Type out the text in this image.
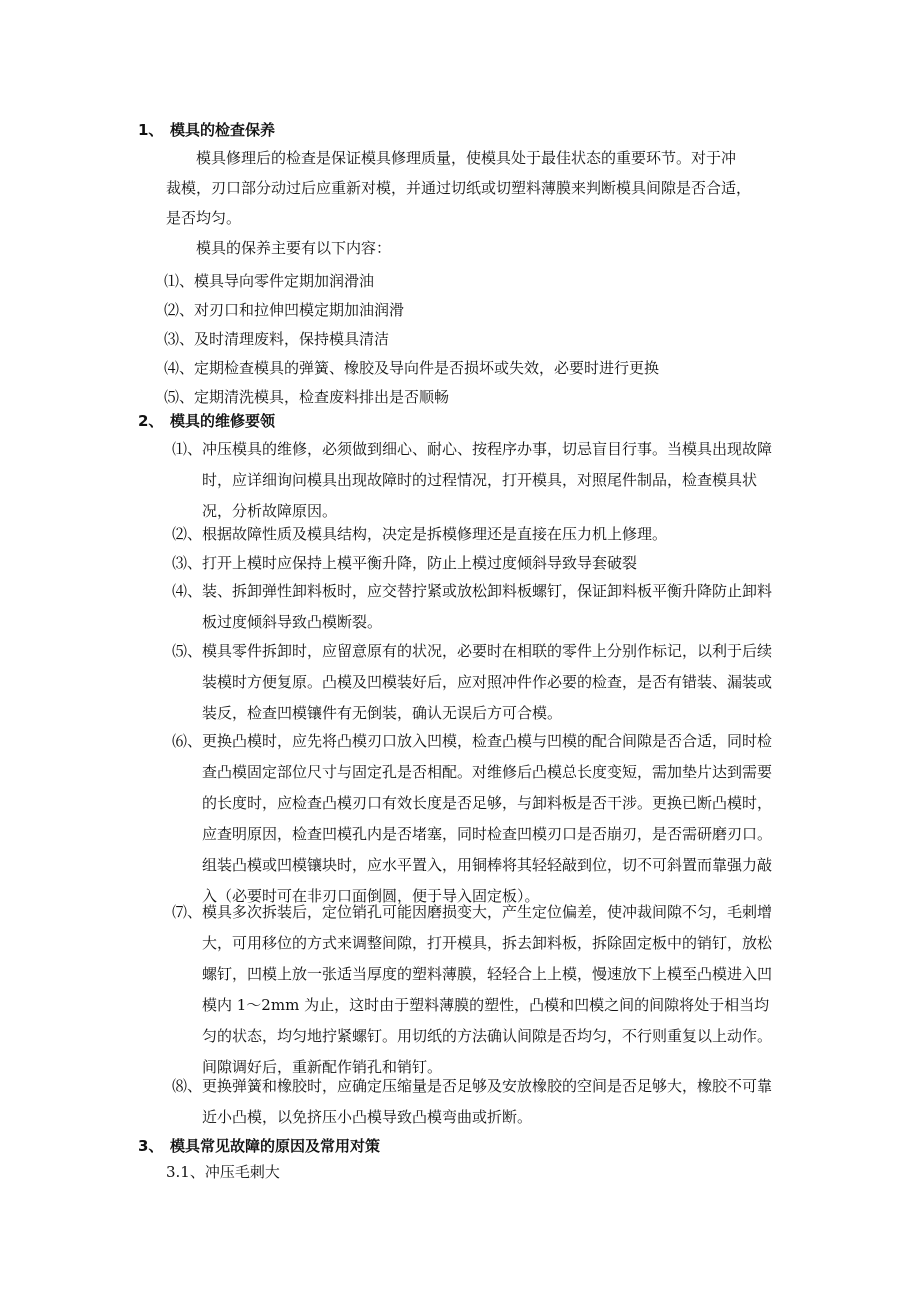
1、 模具的检查保养
模具修理后的检查是保证模具修理质量，使模具处于最佳状态的重要环节。对于冲
裁模，刃口部分动过后应重新对模，并通过切纸或切塑料薄膜来判断模具间隙是否合适，
是否均匀。
模具的保养主要有以下内容：
⑴、模具导向零件定期加润滑油
⑵、对刃口和拉伸凹模定期加油润滑
⑶、及时清理废料，保持模具清洁
⑷、定期检查模具的弹簧、橡胶及导向件是否损坏或失效，必要时进行更换
⑸、定期清洗模具，检查废料排出是否顺畅
2、 模具的维修要领
⑴、 冲压模具的维修，必须做到细心、耐心、按程序办事，切忌盲目行事。当模具出现故障时，应详细询问模具出现故障时的过程情况，打开模具，对照尾件制品，检查模具状况，分析故障原因。
⑵、 根据故障性质及模具结构，决定是拆模修理还是直接在压力机上修理。
⑶、 打开上模时应保持上模平衡升降，防止上模过度倾斜导致导套破裂
⑷、 装、拆卸弹性卸料板时，应交替拧紧或放松卸料板螺钉，保证卸料板平衡升降防止卸料板过度倾斜导致凸模断裂。
⑸、 模具零件拆卸时，应留意原有的状况，必要时在相联的零件上分别作标记，以利于后续装模时方便复原。凸模及凹模装好后，应对照冲件作必要的检查，是否有错装、漏装或装反，检查凹模镶件有无倒装，确认无误后方可合模。
⑹、 更换凸模时，应先将凸模刃口放入凹模，检查凸模与凹模的配合间隙是否合适，同时检查凸模固定部位尺寸与固定孔是否相配。对维修后凸模总长度变短，需加垫片达到需要的长度时，应检查凸模刃口有效长度是否足够，与卸料板是否干涉。更换已断凸模时，应查明原因，检查凹模孔内是否堵塞，同时检查凹模刃口是否崩刃，是否需研磨刃口。组装凸模或凹模镶块时，应水平置入，用铜棒将其轻轻敲到位，切不可斜置而靠强力敲入（必要时可在非刃口面倒圆，便于导入固定板）。
⑺、 模具多次拆装后，定位销孔可能因磨损变大，产生定位偏差，使冲裁间隙不匀，毛刺增大，可用移位的方式来调整间隙，打开模具，拆去卸料板，拆除固定板中的销钉，放松螺钉，凹模上放一张适当厚度的塑料薄膜，轻轻合上上模，慢速放下上模至凸模进入凹模内 1～2mm 为止，这时由于塑料薄膜的塑性，凸模和凹模之间的间隙将处于相当均匀的状态，均匀地拧紧螺钉。用切纸的方法确认间隙是否均匀，不行则重复以上动作。间隙调好后，重新配作销孔和销钉。
⑻、 更换弹簧和橡胶时，应确定压缩量是否足够及安放橡胶的空间是否足够大，橡胶不可靠近小凸模，以免挤压小凸模导致凸模弯曲或折断。
3、 模具常见故障的原因及常用对策
3.1、冲压毛刺大
